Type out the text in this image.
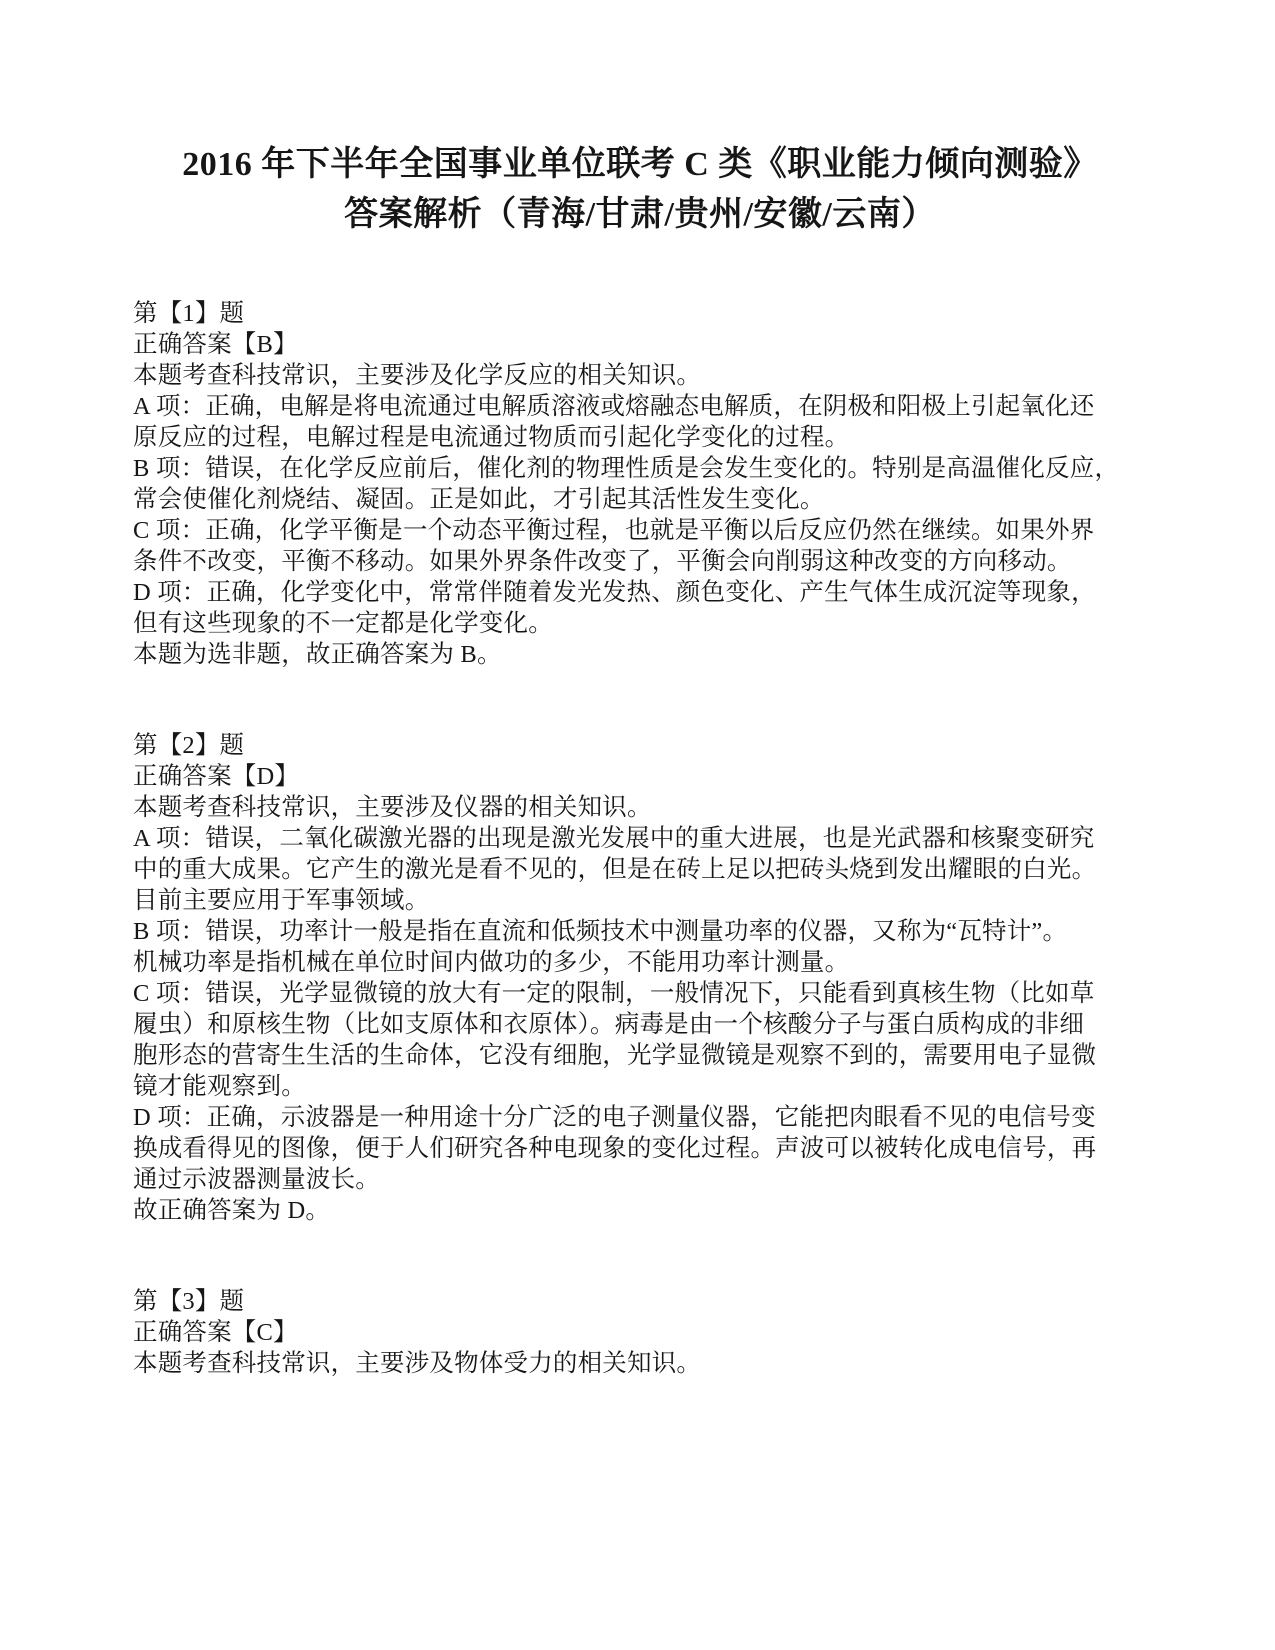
2016 年下半年全国事业单位联考 C 类《职业能力倾向测验》
答案解析（青海/甘肃/贵州/安徽/云南）

第【1】题

正确答案【B】

本题考查科技常识，主要涉及化学反应的相关知识。

A 项：正确，电解是将电流通过电解质溶液或熔融态电解质，在阴极和阳极上引起氧化还

原反应的过程，电解过程是电流通过物质而引起化学变化的过程。

B 项：错误，在化学反应前后，催化剂的物理性质是会发生变化的。特别是高温催化反应，

常会使催化剂烧结、凝固。正是如此，才引起其活性发生变化。

C 项：正确，化学平衡是一个动态平衡过程，也就是平衡以后反应仍然在继续。如果外界

条件不改变，平衡不移动。如果外界条件改变了，平衡会向削弱这种改变的方向移动。

D 项：正确，化学变化中，常常伴随着发光发热、颜色变化、产生气体生成沉淀等现象，

但有这些现象的不一定都是化学变化。

本题为选非题，故正确答案为 B。

第【2】题

正确答案【D】

本题考查科技常识，主要涉及仪器的相关知识。

A 项：错误，二氧化碳激光器的出现是激光发展中的重大进展，也是光武器和核聚变研究

中的重大成果。它产生的激光是看不见的，但是在砖上足以把砖头烧到发出耀眼的白光。

目前主要应用于军事领域。

B 项：错误，功率计一般是指在直流和低频技术中测量功率的仪器，又称为“瓦特计”。

机械功率是指机械在单位时间内做功的多少，不能用功率计测量。

C 项：错误，光学显微镜的放大有一定的限制，一般情况下，只能看到真核生物（比如草

履虫）和原核生物（比如支原体和衣原体）。病毒是由一个核酸分子与蛋白质构成的非细

胞形态的营寄生生活的生命体，它没有细胞，光学显微镜是观察不到的，需要用电子显微

镜才能观察到。

D 项：正确，示波器是一种用途十分广泛的电子测量仪器，它能把肉眼看不见的电信号变

换成看得见的图像，便于人们研究各种电现象的变化过程。声波可以被转化成电信号，再

通过示波器测量波长。

故正确答案为 D。

第【3】题

正确答案【C】

本题考查科技常识，主要涉及物体受力的相关知识。
